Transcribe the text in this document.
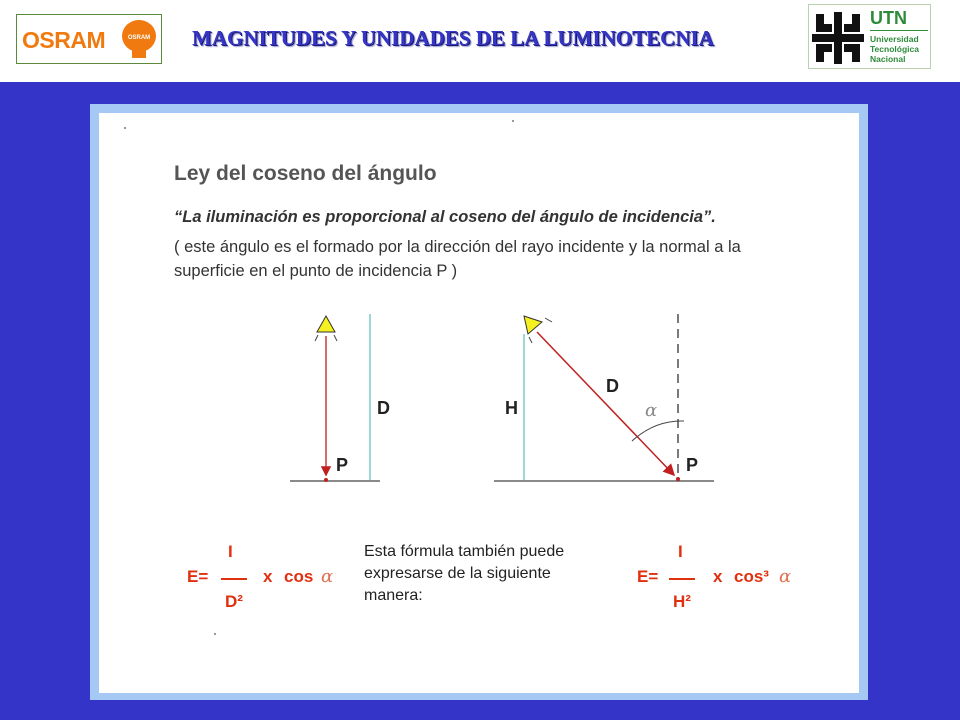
OSRAM	OSRAM MAGNITUDES Y UNIDADES DE LA LUMINOTECNIA
UTN
Universidad
Tecnológica
Nacional
Ley del coseno del ángulo
“La iluminación es proporcional al coseno del ángulo de incidencia”.
( este ángulo es el formado por la dirección del rayo incidente y la normal a la superficie en el punto de incidencia P )
D
P
H
D
α
P
I
E=
D²
x cos α
Esta fórmula también puede
expresarse de la siguiente
manera:
I
E=
H²
x cos³ α
